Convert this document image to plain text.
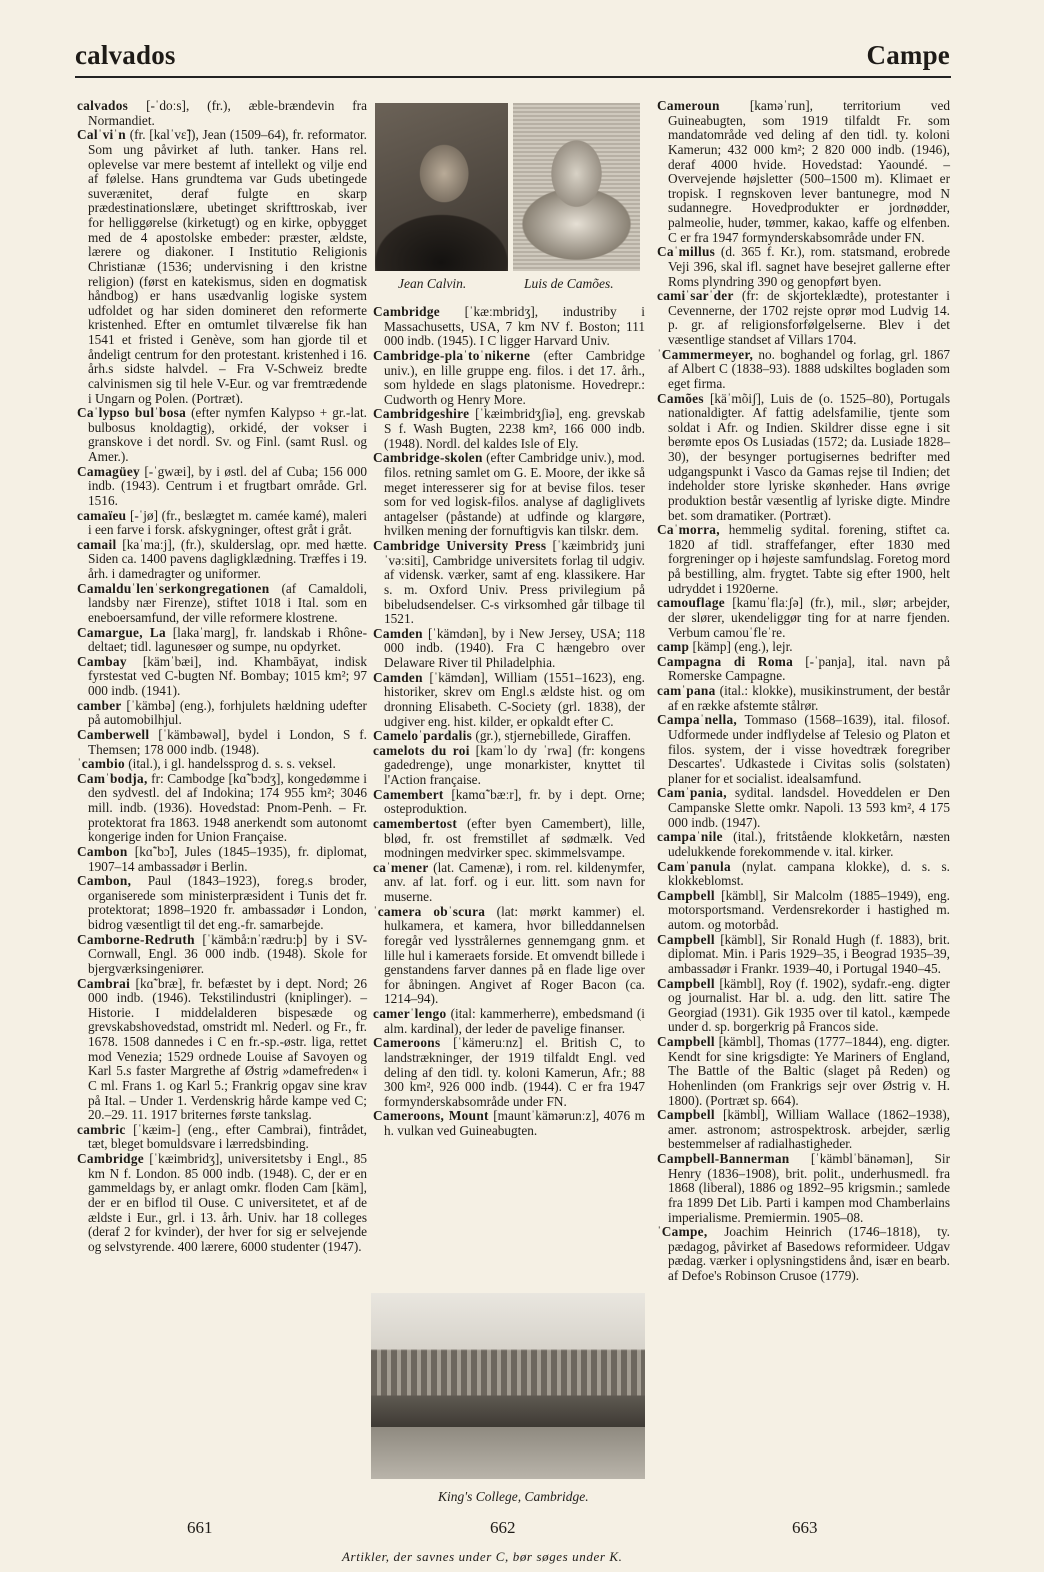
calvados	Campe

calvados [-ˈdoːs], (fr.), æble-brændevin fra Normandiet.

Calˈviˈn (fr. [kalˈvɛ̃]), Jean (1509–64), fr. reformator. Som ung påvirket af luth. tanker. Hans rel. oplevelse var mere bestemt af intellekt og vilje end af følelse. Hans grundtema var Guds ubetingede suverænitet, deraf fulgte en skarp prædestinationslære, ubetinget skrifttroskab, iver for helliggørelse (kirketugt) og en kirke, opbygget med de 4 apostolske embeder: præster, ældste, lærere og diakoner. I Institutio Religionis Christianæ (1536; undervisning i den kristne religion) (først en katekismus, siden en dogmatisk håndbog) er hans usædvanlig logiske system udfoldet og har siden domineret den reformerte kristenhed. Efter en omtumlet tilværelse fik han 1541 et fristed i Genève, som han gjorde til et åndeligt centrum for den protestant. kristenhed i 16. årh.s sidste halvdel. – Fra V-Schweiz bredte calvinismen sig til hele V-Eur. og var fremtrædende i Ungarn og Polen. (Portræt).

Caˈlypso bulˈbosa (efter nymfen Kalypso + gr.-lat. bulbosus knoldagtig), orkidé, der vokser i granskove i det nordl. Sv. og Finl. (samt Rusl. og Amer.).

Camagüey [-ˈgwæi], by i østl. del af Cuba; 156 000 indb. (1943). Centrum i et frugtbart område. Grl. 1516.

camaïeu [-ˈjø] (fr., beslægtet m. camée kamé), maleri i een farve i forsk. afskygninger, oftest gråt i gråt.

camail [kaˈmaːj], (fr.), skulderslag, opr. med hætte. Siden ca. 1400 pavens dagligklædning. Træffes i 19. årh. i damedragter og uniformer.

Camalduˈlenˈserkongregationen (af Camaldoli, landsby nær Firenze), stiftet 1018 i Ital. som en eneboersamfund, der ville reformere klostrene.

Camargue, La [lakaˈmarg], fr. landskab i Rhône-deltaet; tidl. lagunesøer og sumpe, nu opdyrket.

Cambay [kämˈbæi], ind. Khambāyat, indisk fyrstestat ved C-bugten Nf. Bombay; 1015 km²; 97 000 indb. (1941).

camber [ˈkämbə] (eng.), forhjulets hældning udefter på automobilhjul.

Camberwell [ˈkämbəwəl], bydel i London, S f. Themsen; 178 000 indb. (1948).

ˈcambio (ital.), i gl. handelssprog d. s. s. veksel.

Camˈbodja, fr: Cambodge [kɑ̃ˈbɔdʒ], kongedømme i den sydvestl. del af Indokina; 174 955 km²; 3046 mill. indb. (1936). Hovedstad: Pnom-Penh. – Fr. protektorat fra 1863. 1948 anerkendt som autonomt kongerige inden for Union Française.

Cambon [kɑ̃ˈbɔ̃], Jules (1845–1935), fr. diplomat, 1907–14 ambassadør i Berlin.

Cambon, Paul (1843–1923), foreg.s broder, organiserede som ministerpræsident i Tunis det fr. protektorat; 1898–1920 fr. ambassadør i London, bidrog væsentligt til det eng.-fr. samarbejde.

Camborne-Redruth [ˈkämbå:nˈrædru:þ] by i SV-Cornwall, Engl. 36 000 indb. (1948). Skole for bjergværksingeniører.

Cambrai [kɑ̃ˈbræ], fr. befæstet by i dept. Nord; 26 000 indb. (1946). Tekstilindustri (kniplinger). – Historie. I middelalderen bispesæde og grevskabshovedstad, omstridt ml. Nederl. og Fr., fr. 1678. 1508 dannedes i C en fr.-sp.-østr. liga, rettet mod Venezia; 1529 ordnede Louise af Savoyen og Karl 5.s faster Margrethe af Østrig »damefreden« i C ml. Frans 1. og Karl 5.; Frankrig opgav sine krav på Ital. – Under 1. Verdenskrig hårde kampe ved C; 20.–29. 11. 1917 briternes første tankslag.

cambric [ˈkæim-] (eng., efter Cambrai), fintrådet, tæt, bleget bomuldsvare i lærredsbinding.

Cambridge [ˈkæimbridʒ], universitetsby i Engl., 85 km N f. London. 85 000 indb. (1948). C, der er en gammeldags by, er anlagt omkr. floden Cam [käm], der er en biflod til Ouse. C universitetet, et af de ældste i Eur., grl. i 13. årh. Univ. har 18 colleges (deraf 2 for kvinder), der hver for sig er selvejende og selvstyrende. 400 lærere, 6000 studenter (1947).

Cambridge [ˈkæːmbridʒ], industriby i Massachusetts, USA, 7 km NV f. Boston; 111 000 indb. (1945). I C ligger Harvard Univ.

Cambridge-plaˈtoˈnikerne (efter Cambridge univ.), en lille gruppe eng. filos. i det 17. årh., som hyldede en slags platonisme. Hovedrepr.: Cudworth og Henry More.

Cambridgeshire [ˈkæimbridʒʃiə], eng. grevskab S f. Wash Bugten, 2238 km², 166 000 indb. (1948). Nordl. del kaldes Isle of Ely.

Cambridge-skolen (efter Cambridge univ.), mod. filos. retning samlet om G. E. Moore, der ikke så meget interesserer sig for at bevise filos. teser som for ved logisk-filos. analyse af dagliglivets antagelser (påstande) at udfinde og klargøre, hvilken mening der fornuftigvis kan tilskr. dem.

Cambridge University Press [ˈkæimbridʒ juniˈvəːsiti], Cambridge universitets forlag til udgiv. af vidensk. værker, samt af eng. klassikere. Har s. m. Oxford Univ. Press privilegium på bibeludsendelser. C-s virksomhed går tilbage til 1521.

Camden [ˈkämdən], by i New Jersey, USA; 118 000 indb. (1940). Fra C hængebro over Delaware River til Philadelphia.

Camden [ˈkämdən], William (1551–1623), eng. historiker, skrev om Engl.s ældste hist. og om dronning Elisabeth. C-Society (grl. 1838), der udgiver eng. hist. kilder, er opkaldt efter C.

Cameloˈpardalis (gr.), stjernebillede, Giraffen.

camelots du roi [kamˈlo dy ˈrwa] (fr: kongens gadedrenge), unge monarkister, knyttet til l'Action française.

Camembert [kamɑ̃ˈbæːr], fr. by i dept. Orne; osteproduktion.

camembertost (efter byen Camembert), lille, blød, fr. ost fremstillet af sødmælk. Ved modningen medvirker spec. skimmelsvampe.

caˈmener (lat. Camenæ), i rom. rel. kildenymfer, anv. af lat. forf. og i eur. litt. som navn for muserne.

ˈcamera obˈscura (lat: mørkt kammer) el. hulkamera, et kamera, hvor billeddannelsen foregår ved lysstrålernes gennemgang gnm. et lille hul i kameraets forside. Et omvendt billede i genstandens farver dannes på en flade lige over for åbningen. Angivet af Roger Bacon (ca. 1214–94).

camerˈlengo (ital: kammerherre), embedsmand (i alm. kardinal), der leder de pavelige finanser.

Cameroons [ˈkämeruːnz] el. British C, to landstrækninger, der 1919 tilfaldt Engl. ved deling af den tidl. ty. koloni Kamerun, Afr.; 88 300 km², 926 000 indb. (1944). C er fra 1947 formynderskabsområde under FN.

Cameroons, Mount [mauntˈkämərunːz], 4076 m h. vulkan ved Guineabugten.

Cameroun [kaməˈrun], territorium ved Guineabugten, som 1919 tilfaldt Fr. som mandatområde ved deling af den tidl. ty. koloni Kamerun; 432 000 km²; 2 820 000 indb. (1946), deraf 4000 hvide. Hovedstad: Yaoundé. – Overvejende højsletter (500–1500 m). Klimaet er tropisk. I regnskoven lever bantunegre, mod N sudannegre. Hovedprodukter er jordnødder, palmeolie, huder, tømmer, kakao, kaffe og elfenben. C er fra 1947 formynderskabsområde under FN.

Caˈmillus (d. 365 f. Kr.), rom. statsmand, erobrede Veji 396, skal ifl. sagnet have besejret gallerne efter Roms plyndring 390 og genopført byen.

camiˈsarˈder (fr: de skjorteklædte), protestanter i Cevennerne, der 1702 rejste oprør mod Ludvig 14. p. gr. af religionsforfølgelserne. Blev i det væsentlige standset af Villars 1704.

ˈCammermeyer, no. boghandel og forlag, grl. 1867 af Albert C (1838–93). 1888 udskiltes bogladen som eget firma.

Camões [käˈmõiʃ], Luis de (o. 1525–80), Portugals nationaldigter. Af fattig adelsfamilie, tjente som soldat i Afr. og Indien. Skildrer disse egne i sit berømte epos Os Lusiadas (1572; da. Lusiade 1828–30), der besynger portugisernes bedrifter med udgangspunkt i Vasco da Gamas rejse til Indien; det indeholder store lyriske skønheder. Hans øvrige produktion består væsentlig af lyriske digte. Mindre bet. som dramatiker. (Portræt).

Caˈmorra, hemmelig sydital. forening, stiftet ca. 1820 af tidl. straffefanger, efter 1830 med forgreninger op i højeste samfundslag. Foretog mord på bestilling, alm. frygtet. Tabte sig efter 1900, helt udryddet i 1920erne.

camouflage [kamuˈflaːʃə] (fr.), mil., slør; arbejder, der slører, ukendeliggør ting for at narre fjenden. Verbum camouˈfleˈre.

camp [kämp] (eng.), lejr.

Campagna di Roma [-ˈpanja], ital. navn på Romerske Campagne.

camˈpana (ital.: klokke), musikinstrument, der består af en række afstemte stålrør.

Campaˈnella, Tommaso (1568–1639), ital. filosof. Udformede under indflydelse af Telesio og Platon et filos. system, der i visse hovedtræk foregriber Descartes'. Udkastede i Civitas solis (solstaten) planer for et socialist. idealsamfund.

Camˈpania, sydital. landsdel. Hoveddelen er Den Campanske Slette omkr. Napoli. 13 593 km², 4 175 000 indb. (1947).

campaˈnile (ital.), fritstående klokketårn, næsten udelukkende forekommende v. ital. kirker.

Camˈpanula (nylat. campana klokke), d. s. s. klokkeblomst.

Campbell [kämbl], Sir Malcolm (1885–1949), eng. motorsportsmand. Verdensrekorder i hastighed m. autom. og motorbåd.

Campbell [kämbl], Sir Ronald Hugh (f. 1883), brit. diplomat. Min. i Paris 1929–35, i Beograd 1935–39, ambassadør i Frankr. 1939–40, i Portugal 1940–45.

Campbell [kämbl], Roy (f. 1902), sydafr.-eng. digter og journalist. Har bl. a. udg. den litt. satire The Georgiad (1931). Gik 1935 over til katol., kæmpede under d. sp. borgerkrig på Francos side.

Campbell [kämbl], Thomas (1777–1844), eng. digter. Kendt for sine krigsdigte: Ye Mariners of England, The Battle of the Baltic (slaget på Reden) og Hohenlinden (om Frankrigs sejr over Østrig v. H. 1800). (Portræt sp. 664).

Campbell [kämbl], William Wallace (1862–1938), amer. astronom; astrospektrosk. arbejder, særlig bestemmelser af radialhastigheder.

Campbell-Bannerman [ˈkämblˈbänəmən], Sir Henry (1836–1908), brit. polit., underhusmedl. fra 1868 (liberal), 1886 og 1892–95 krigsmin.; samlede fra 1899 Det Lib. Parti i kampen mod Chamberlains imperialisme. Premiermin. 1905–08.

ˈCampe, Joachim Heinrich (1746–1818), ty. pædagog, påvirket af Basedows reformideer. Udgav pædag. værker i oplysningstidens ånd, især en bearb. af Defoe's Robinson Crusoe (1779).

Jean Calvin.	Luis de Camões.
King's College, Cambridge.
661	662	663
Artikler, der savnes under C, bør søges under K.
